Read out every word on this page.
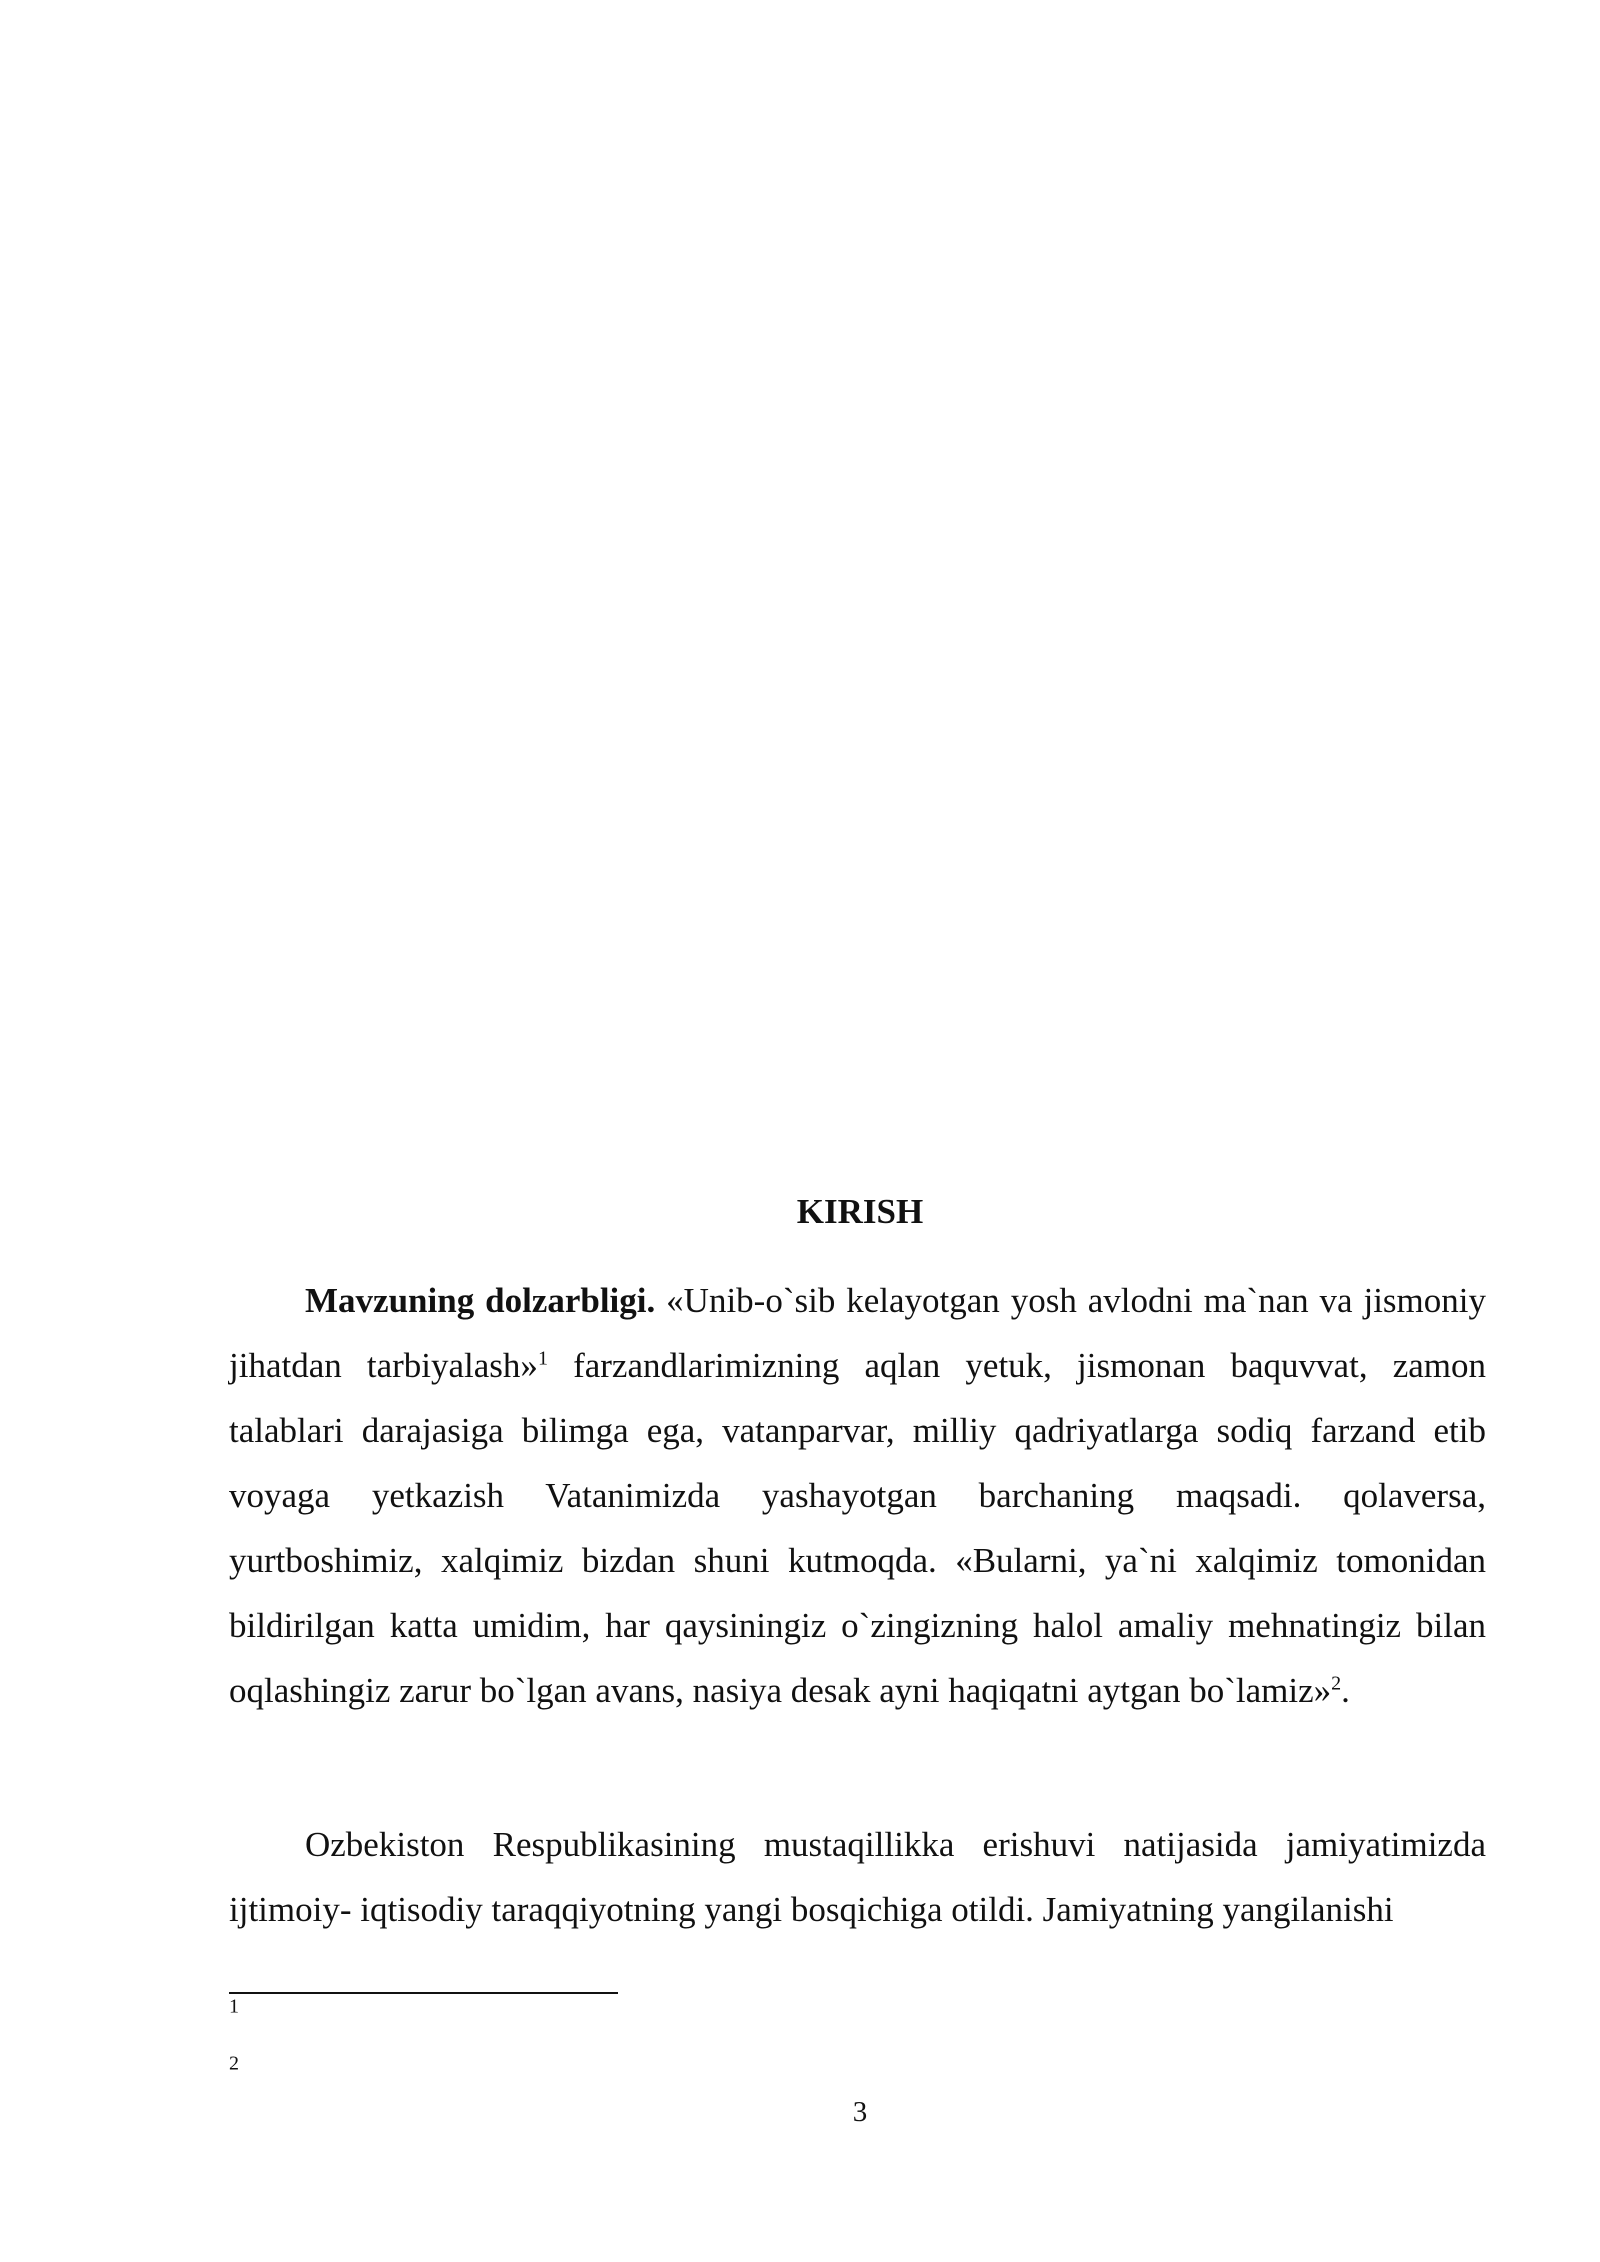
KIRISH

Mavzuning dolzarbligi. «Unib-o`sib kelayotgan yosh avlodni ma`nan va jismoniy jihatdan tarbiyalash»$^1$ farzandlarimizning aqlan yetuk, jismonan baquvvat, zamon talablari darajasiga bilimga ega, vatanparvar, milliy qadriyatlarga sodiq farzand etib voyaga yetkazish Vatanimizda yashayotgan barchaning maqsadi. qolaversa, yurtboshimiz, xalqimiz bizdan shuni kutmoqda. «Bularni, ya`ni xalqimiz tomonidan bildirilgan katta umidim, har qaysiningiz o`zingizning halol amaliy mehnatingiz bilan oqlashingiz zarur bo`lgan avans, nasiya desak ayni haqiqatni aytgan bo`lamiz»$^2$.

Ozbekiston Respublikasining mustaqillikka erishuvi natijasida jamiyatimizda ijtimoiy- iqtisodiy taraqqiyotning yangi bosqichiga otildi. Jamiyatning yangilanishi

$^1$
$^2$
3
